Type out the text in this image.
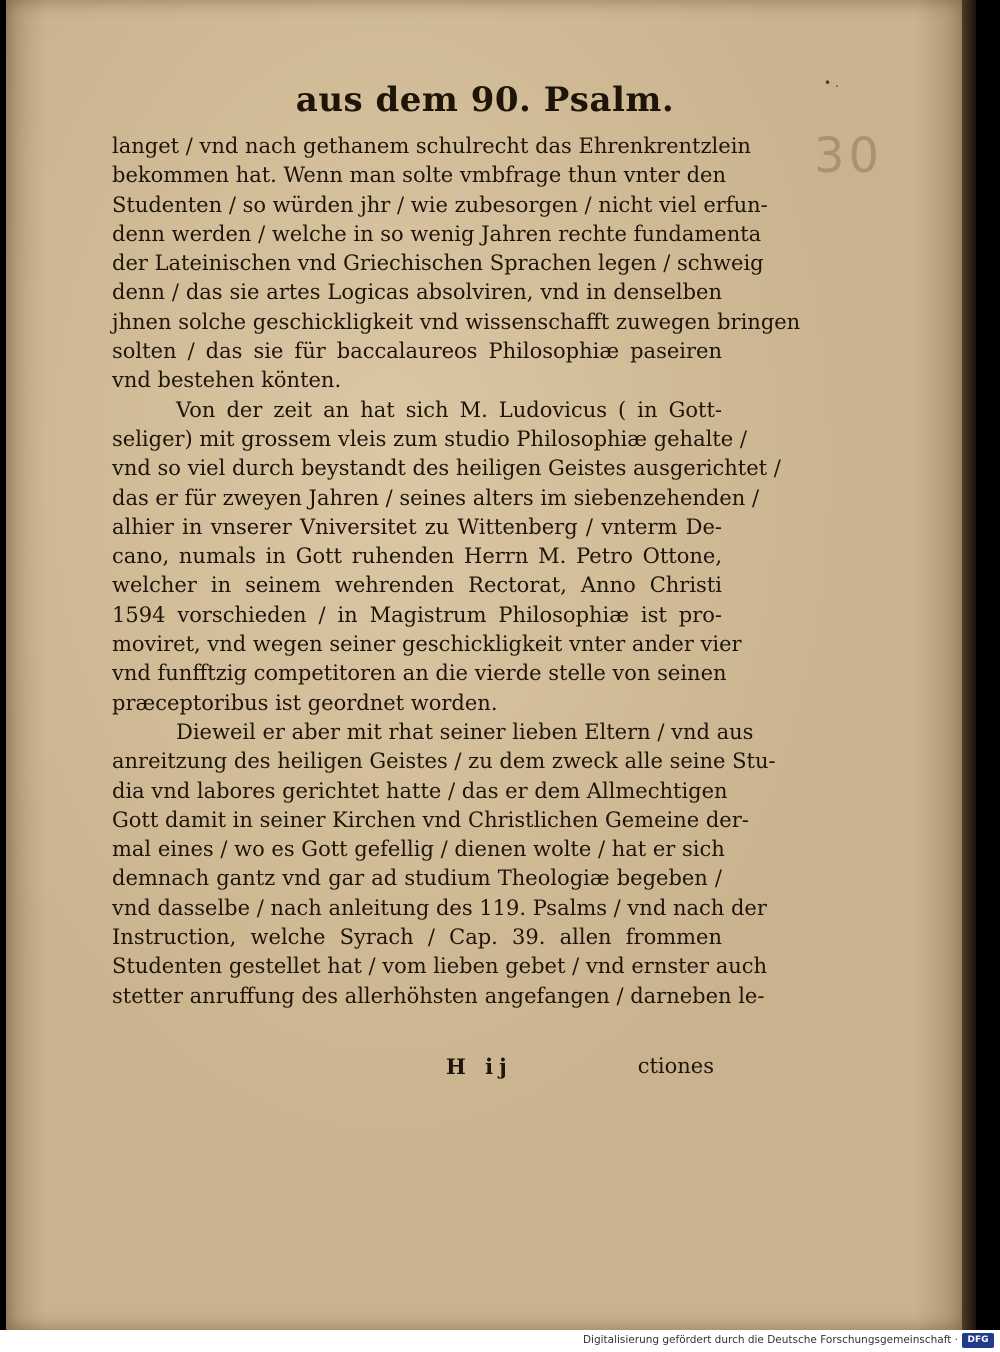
aus dem 90. Psalm.	• .
30
langet / vnd nach gethanem schulrecht das Ehrenkrentzlein
bekommen hat. Wenn man solte vmbfrage thun vnter den
Studenten / so würden jhr / wie zubesorgen / nicht viel erfun-
denn werden / welche in so wenig Jahren rechte fundamenta
der Lateinischen vnd Griechischen Sprachen legen / schweig
denn / das sie artes Logicas absolviren, vnd in denselben
jhnen solche geschickligkeit vnd wissenschafft zuwegen bringen
solten / das sie für baccalaureos Philosophiæ paseiren
vnd bestehen könten.
Von der zeit an hat sich M. Ludovicus ( in Gott-
seliger) mit grossem vleis zum studio Philosophiæ gehalte /
vnd so viel durch beystandt des heiligen Geistes ausgerichtet /
das er für zweyen Jahren / seines alters im siebenzehenden /
alhier in vnserer Vniversitet zu Wittenberg / vnterm De-
cano, numals in Gott ruhenden Herrn M. Petro Ottone,
welcher in seinem wehrenden Rectorat, Anno Christi
1594 vorschieden / in Magistrum Philosophiæ ist pro-
moviret, vnd wegen seiner geschickligkeit vnter ander vier
vnd funfftzig competitoren an die vierde stelle von seinen
præceptoribus ist geordnet worden.
Dieweil er aber mit rhat seiner lieben Eltern / vnd aus
anreitzung des heiligen Geistes / zu dem zweck alle seine Stu-
dia vnd labores gerichtet hatte / das er dem Allmechtigen
Gott damit in seiner Kirchen vnd Christlichen Gemeine der-
mal eines / wo es Gott gefellig / dienen wolte / hat er sich
demnach gantz vnd gar ad studium Theologiæ begeben /
vnd dasselbe / nach anleitung des 119. Psalms / vnd nach der
Instruction, welche Syrach / Cap. 39. allen frommen
Studenten gestellet hat / vom lieben gebet / vnd ernster auch
stetter anruffung des allerhöhsten angefangen / darneben le-
H ij	ctiones
Digitalisierung gefördert durch die Deutsche Forschungsgemeinschaft ·	DFG
